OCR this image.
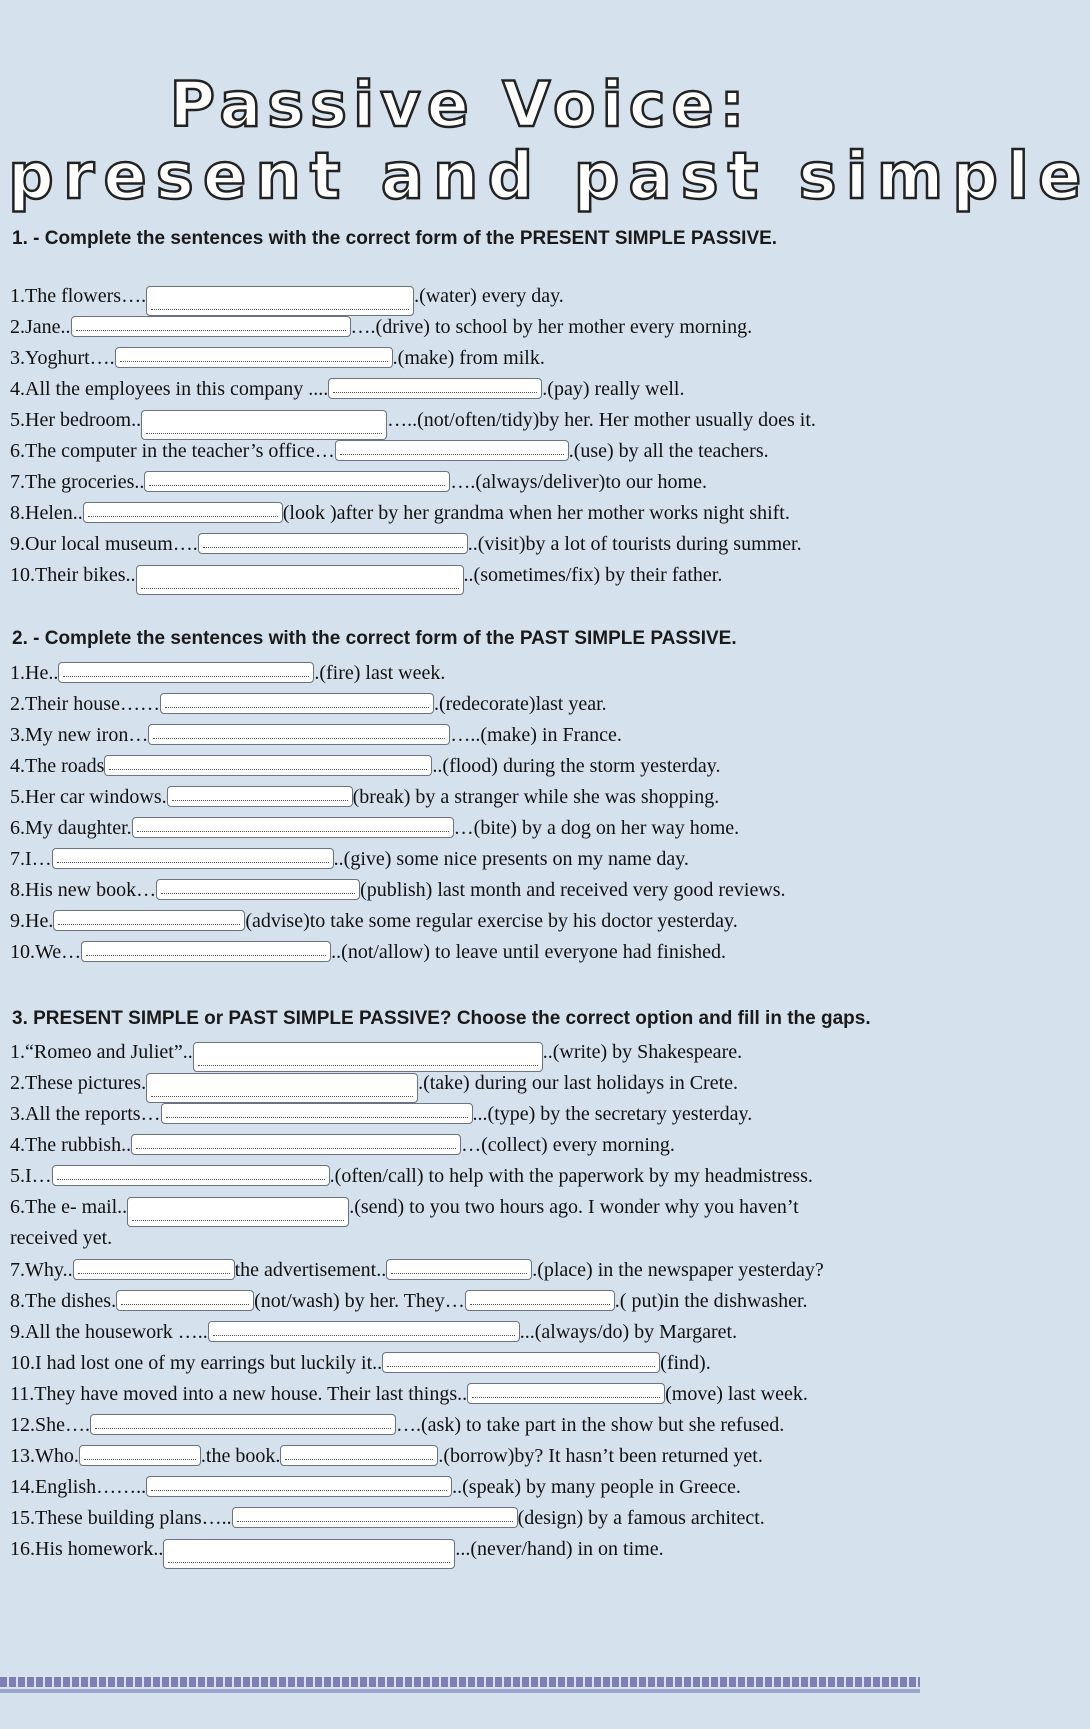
Passive Voice:
present and past simple
1. - Complete the sentences with the correct form of the PRESENT SIMPLE PASSIVE.
1.The flowers….	.(water) every day.
2.Jane..	….(drive) to school by her mother every morning.
3.Yoghurt….	.(make) from milk.
4.All the employees in this company ....	.(pay) really well.
5.Her bedroom..	…..(not/often/tidy)by her. Her mother usually does it.
6.The computer in the teacher’s office…	.(use) by all the teachers.
7.The groceries..	….(always/deliver)to our home.
8.Helen..	(look )after by her grandma when her mother works night shift.
9.Our local museum….	..(visit)by a lot of tourists during summer.
10.Their bikes..	..(sometimes/fix) by their father.
2. - Complete the sentences with the correct form of the PAST SIMPLE PASSIVE.
1.He..	.(fire) last week.
2.Their house……	.(redecorate)last year.
3.My new iron…	…..(make) in France.
4.The roads	..(flood) during the storm yesterday.
5.Her car windows.	(break) by a stranger while she was shopping.
6.My daughter.	…(bite) by a dog on her way home.
7.I…	..(give) some nice presents on my name day.
8.His new book…	(publish) last month and received very good reviews.
9.He.	(advise)to take some regular exercise by his doctor yesterday.
10.We…	..(not/allow) to leave until everyone had finished.
3. PRESENT SIMPLE or PAST SIMPLE PASSIVE? Choose the correct option and fill in the gaps.
1.“Romeo and Juliet”..	..(write) by Shakespeare.
2.These pictures.	.(take) during our last holidays in Crete.
3.All the reports…	...(type) by the secretary yesterday.
4.The rubbish..	…(collect) every morning.
5.I…	.(often/call) to help with the paperwork by my headmistress.
6.The e- mail..	.(send) to you two hours ago. I wonder why you haven’t
received yet.
7.Why..	the advertisement..	.(place) in the newspaper yesterday?
8.The dishes.	(not/wash) by her. They…	.( put)in the dishwasher.
9.All the housework …..	...(always/do) by Margaret.
10.I had lost one of my earrings but luckily it..	(find).
11.They have moved into a new house. Their last things..	(move) last week.
12.She….	….(ask) to take part in the show but she refused.
13.Who.	.the book.	.(borrow)by? It hasn’t been returned yet.
14.English……..	..(speak) by many people in Greece.
15.These building plans…..	(design) by a famous architect.
16.His homework..	...(never/hand) in on time.
